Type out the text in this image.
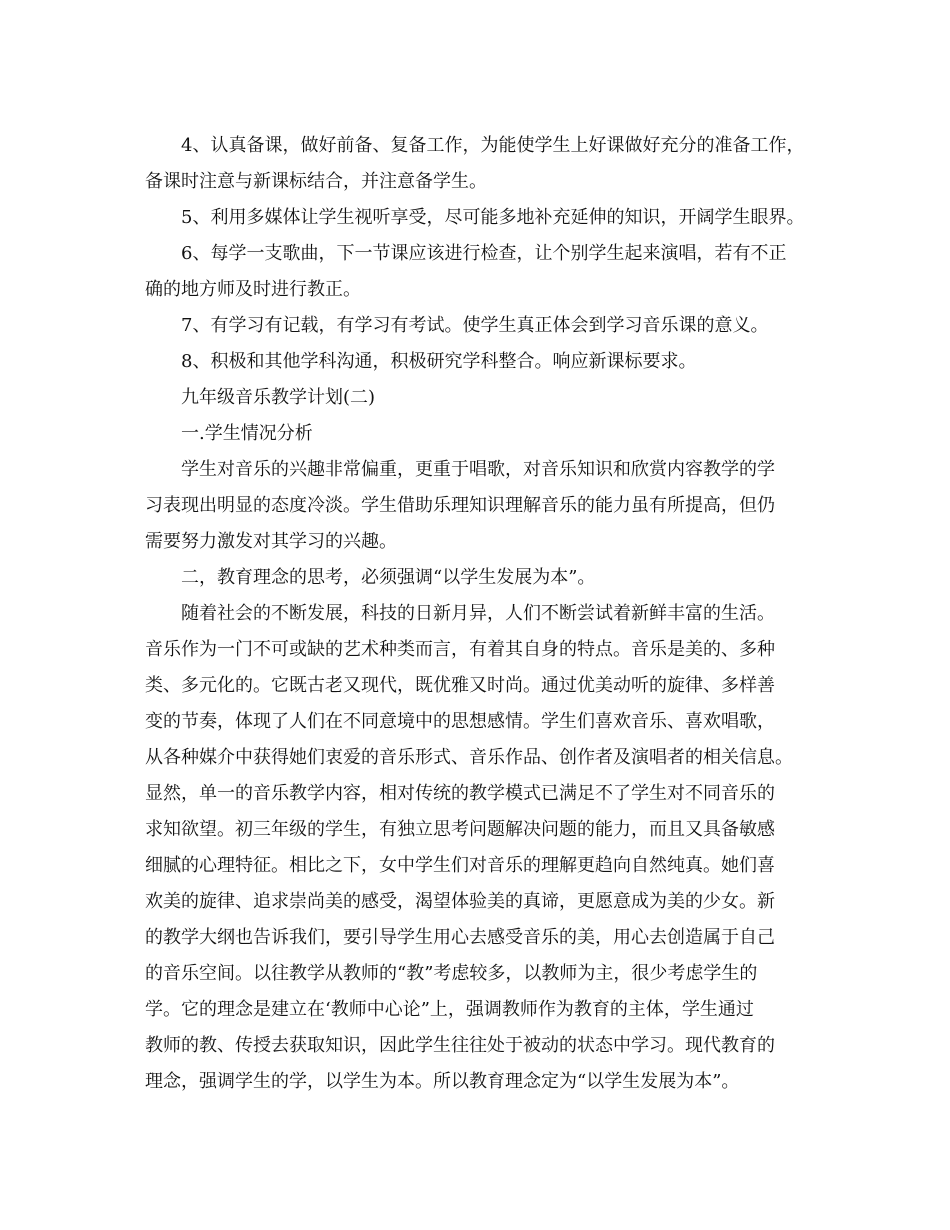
4、认真备课，做好前备、复备工作，为能使学生上好课做好充分的准备工作，
备课时注意与新课标结合，并注意备学生。
5、利用多媒体让学生视听享受，尽可能多地补充延伸的知识，开阔学生眼界。
6、每学一支歌曲，下一节课应该进行检查，让个别学生起来演唱，若有不正
确的地方师及时进行教正。
7、有学习有记载，有学习有考试。使学生真正体会到学习音乐课的意义。
8、积极和其他学科沟通，积极研究学科整合。响应新课标要求。
九年级音乐教学计划(二)
一.学生情况分析
学生对音乐的兴趣非常偏重，更重于唱歌，对音乐知识和欣赏内容教学的学
习表现出明显的态度冷淡。学生借助乐理知识理解音乐的能力虽有所提高，但仍
需要努力激发对其学习的兴趣。
二，教育理念的思考，必须强调“以学生发展为本”。
随着社会的不断发展，科技的日新月异，人们不断尝试着新鲜丰富的生活。
音乐作为一门不可或缺的艺术种类而言，有着其自身的特点。音乐是美的、多种
类、多元化的。它既古老又现代，既优雅又时尚。通过优美动听的旋律、多样善
变的节奏，体现了人们在不同意境中的思想感情。学生们喜欢音乐、喜欢唱歌，
从各种媒介中获得她们衷爱的音乐形式、音乐作品、创作者及演唱者的相关信息。
显然，单一的音乐教学内容，相对传统的教学模式已满足不了学生对不同音乐的
求知欲望。初三年级的学生，有独立思考问题解决问题的能力，而且又具备敏感
细腻的心理特征。相比之下，女中学生们对音乐的理解更趋向自然纯真。她们喜
欢美的旋律、追求崇尚美的感受，渴望体验美的真谛，更愿意成为美的少女。新
的教学大纲也告诉我们，要引导学生用心去感受音乐的美，用心去创造属于自己
的音乐空间。以往教学从教师的“教”考虑较多，以教师为主，很少考虑学生的
学。它的理念是建立在‘教师中心论”上，强调教师作为教育的主体，学生通过
教师的教、传授去获取知识，因此学生往往处于被动的状态中学习。现代教育的
理念，强调学生的学，以学生为本。所以教育理念定为“以学生发展为本”。
